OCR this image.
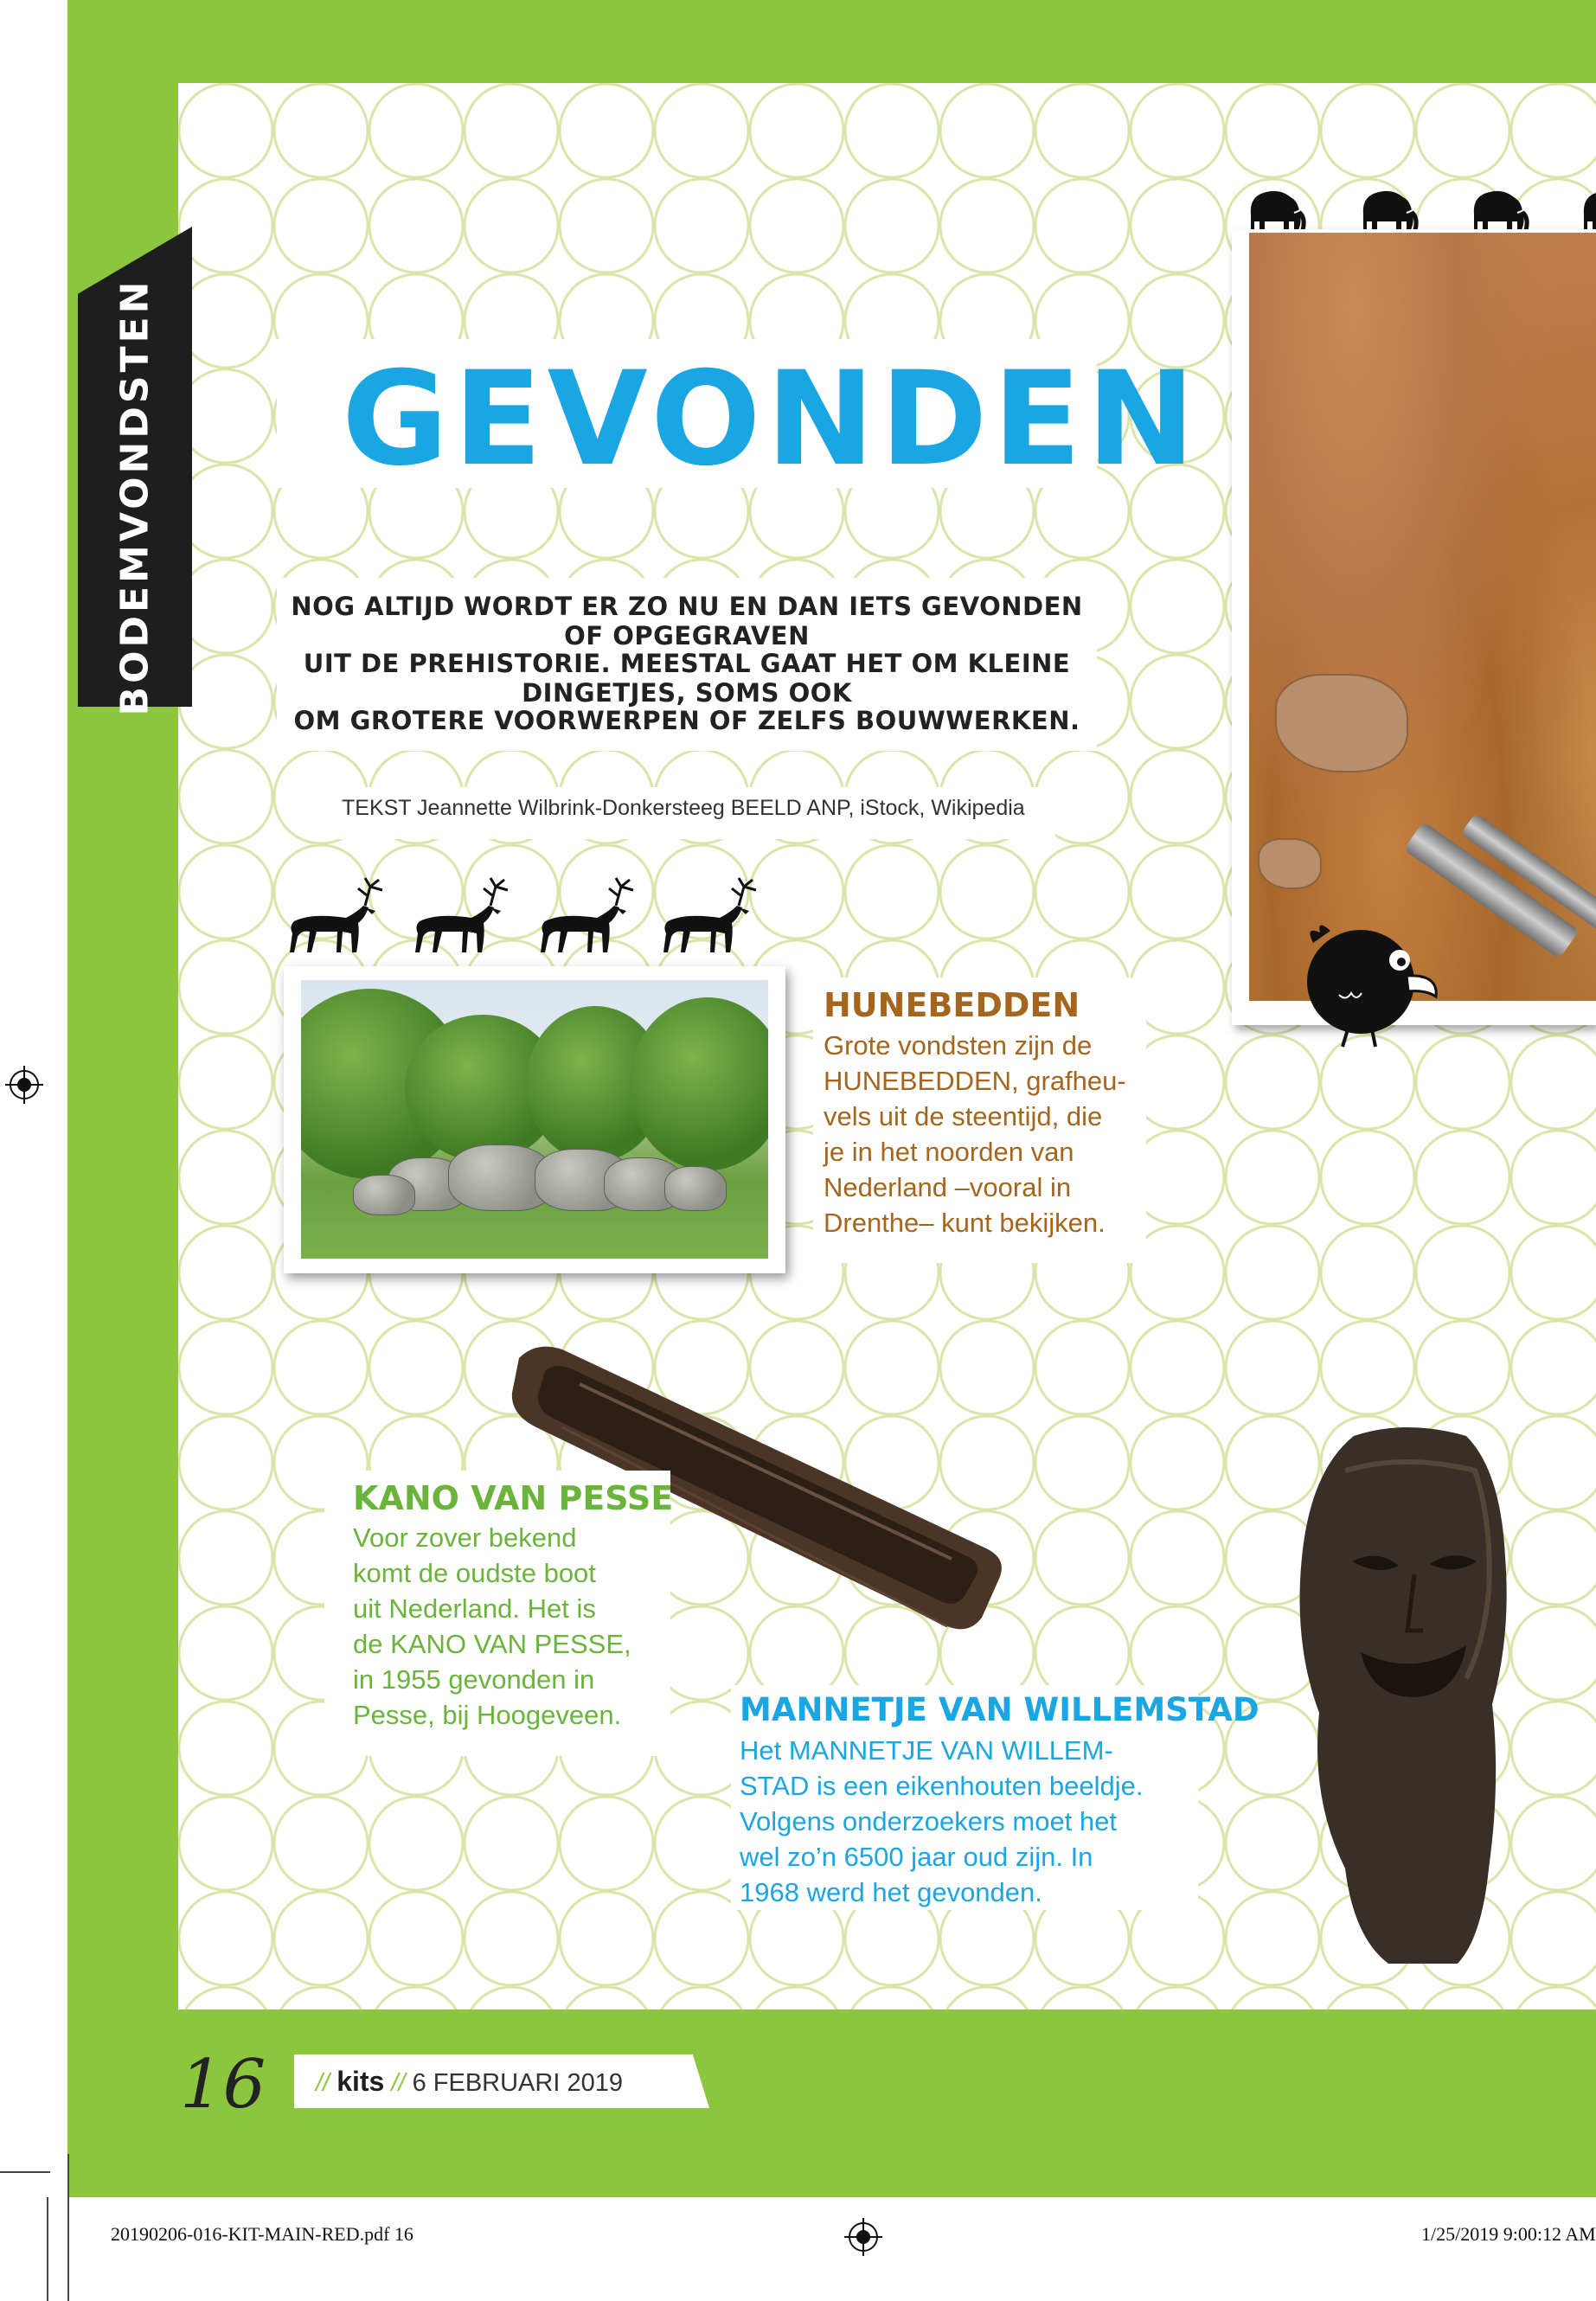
BODEMVONDSTEN GEVONDEN
NOG ALTIJD WORDT ER ZO NU EN DAN IETS GEVONDEN OF OPGEGRAVEN
UIT DE PREHISTORIE. MEESTAL GAAT HET OM KLEINE DINGETJES, SOMS OOK
OM GROTERE VOORWERPEN OF ZELFS BOUWWERKEN.
TEKST Jeannette Wilbrink-Donkersteeg BEELD ANP, iStock, Wikipedia
HUNEBEDDEN
Grote vondsten zijn de
HUNEBEDDEN, grafheu-
vels uit de steentijd, die
je in het noorden van
Nederland –vooral in
Drenthe– kunt bekijken.
KANO VAN PESSE
Voor zover bekend
komt de oudste boot
uit Nederland. Het is
de KANO VAN PESSE,
in 1955 gevonden in
Pesse, bij Hoogeveen.	MANNETJE VAN WILLEMSTAD
Het MANNETJE VAN WILLEM-
STAD is een eikenhouten beeldje.
Volgens onderzoekers moet het
wel zo’n 6500 jaar oud zijn. In
1968 werd het gevonden.
16 // kits // 6 FEBRUARI 2019
20190206-016-KIT-MAIN-RED.pdf 16	1/25/2019 9:00:12 AM
